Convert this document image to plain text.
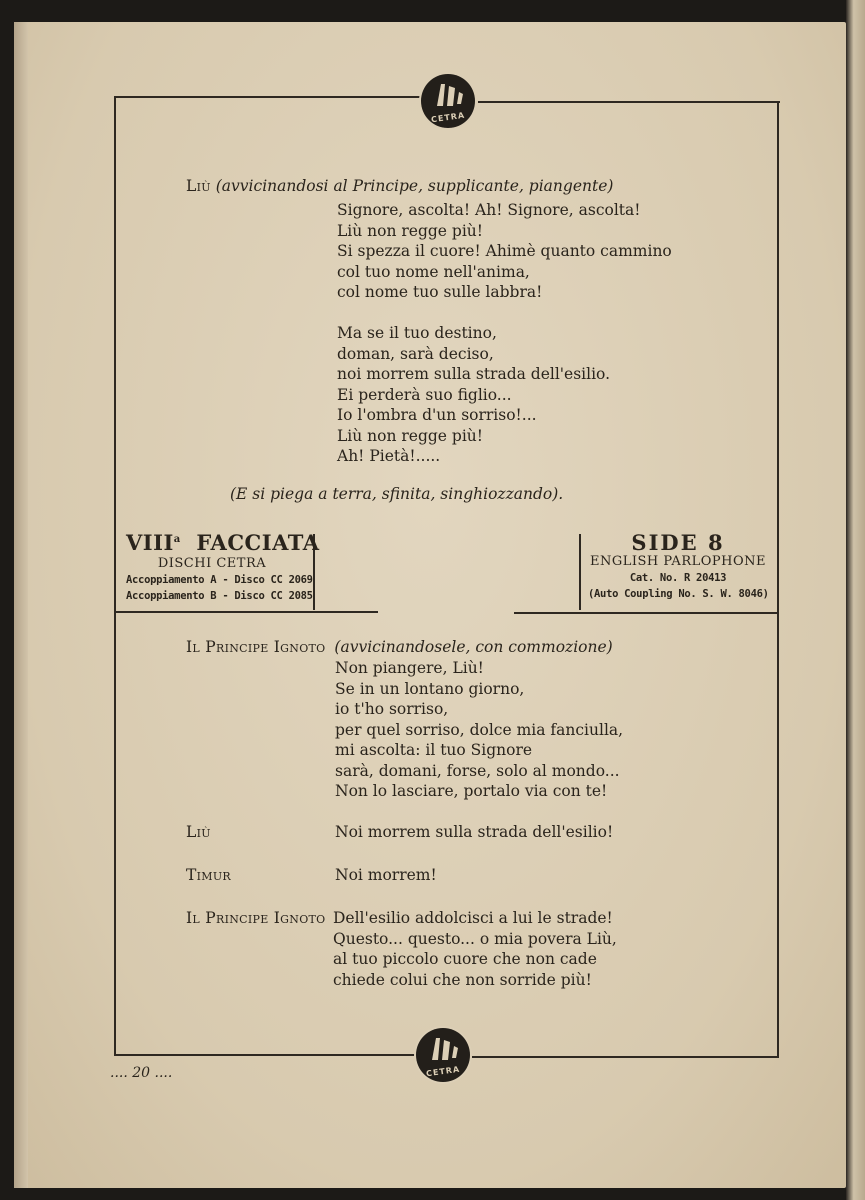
CETRA
CETRA
Liù (avvicinandosi al Principe, supplicante, piangente)
Signore, ascolta! Ah! Signore, ascolta!
Liù non regge più!
Si spezza il cuore! Ahimè quanto cammino
col tuo nome nell'anima,
col nome tuo sulle labbra!
Ma se il tuo destino,
doman, sarà deciso,
noi morrem sulla strada dell'esilio.
Ei perderà suo figlio...
Io l'ombra d'un sorriso!...
Liù non regge più!
Ah! Pietà!.....
(E si piega a terra, sfinita, singhiozzando).
VIII$^a$ FACCIATA
DISCHI CETRA
Accoppiamento A - Disco CC 2069
Accoppiamento B - Disco CC 2085
SIDE 8
ENGLISH PARLOPHONE
Cat. No. R 20413
(Auto Coupling No. S. W. 8046)
Il Principe Ignoto (avvicinandosele, con commozione)
Non piangere, Liù!
Se in un lontano giorno,
io t'ho sorriso,
per quel sorriso, dolce mia fanciulla,
mi ascolta: il tuo Signore
sarà, domani, forse, solo al mondo...
Non lo lasciare, portalo via con te!
Liù	Noi morrem sulla strada dell'esilio!
Timur	Noi morrem!
Il Principe Ignoto Dell'esilio addolcisci a lui le strade!
Questo... questo... o mia povera Liù,
al tuo piccolo cuore che non cade
chiede colui che non sorride più!
.... 20 ....
